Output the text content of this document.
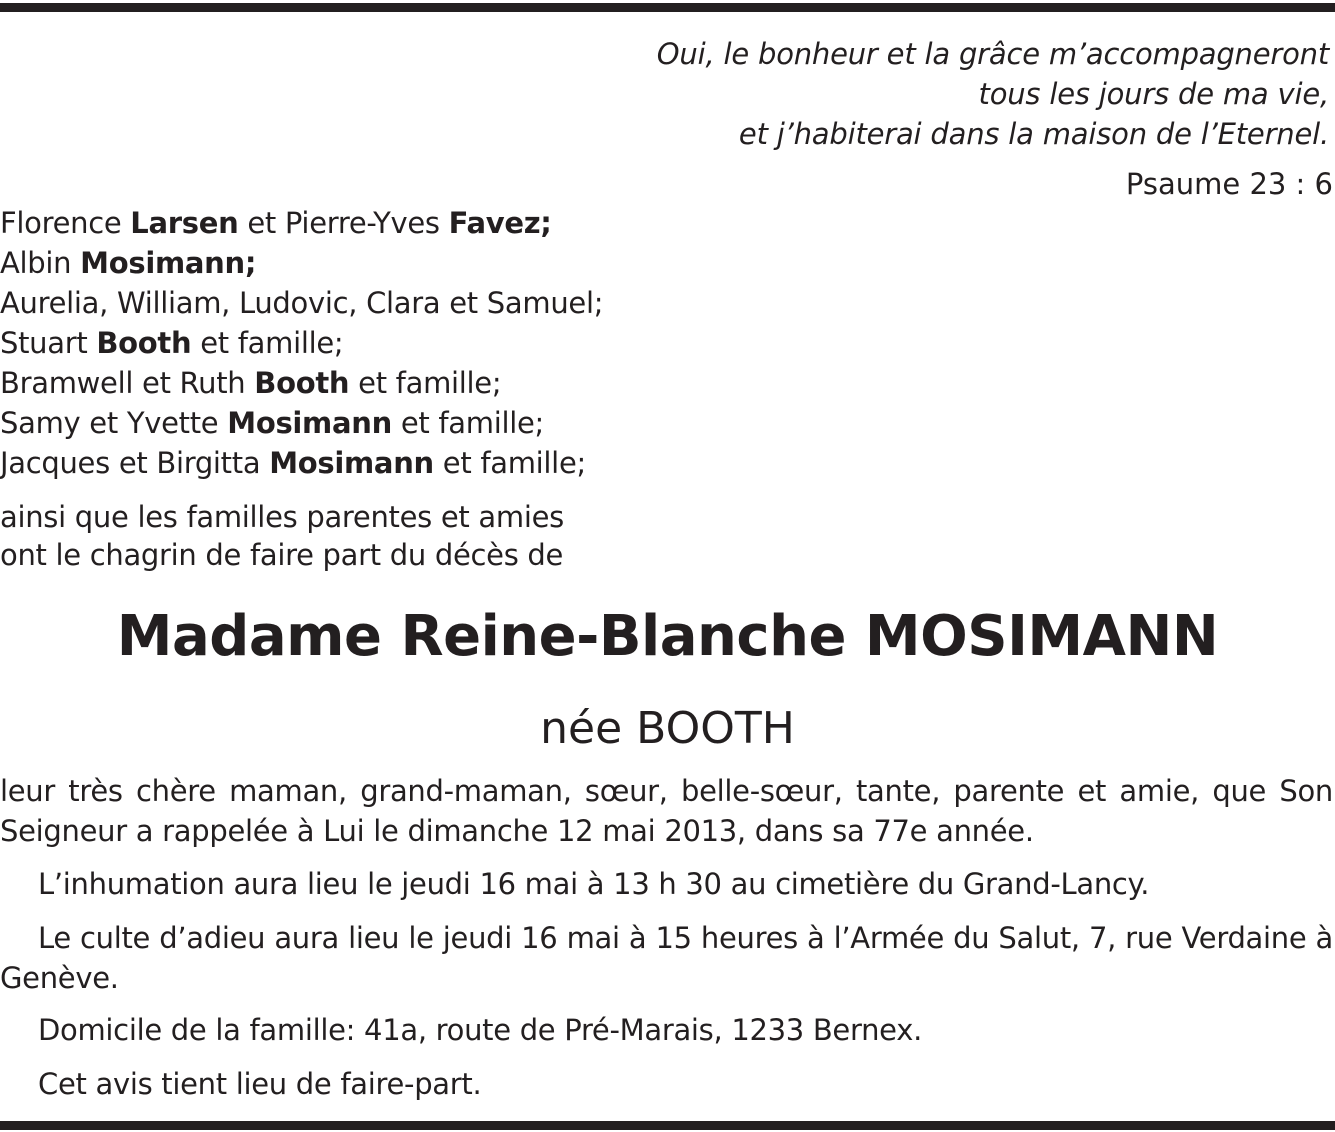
Oui, le bonheur et la grâce m’accompagneront
tous les jours de ma vie,
et j’habiterai dans la maison de l’Eternel.
Psaume 23 : 6
Florence Larsen et Pierre-Yves Favez;
Albin Mosimann;
Aurelia, William, Ludovic, Clara et Samuel;
Stuart Booth et famille;
Bramwell et Ruth Booth et famille;
Samy et Yvette Mosimann et famille;
Jacques et Birgitta Mosimann et famille;
ainsi que les familles parentes et amies
ont le chagrin de faire part du décès de
Madame Reine-Blanche MOSIMANN
née BOOTH
leur très chère maman, grand-maman, sœur, belle-sœur, tante, parente et amie, que Son Seigneur a rappelée à Lui le dimanche 12 mai 2013, dans sa 77e année.
L’inhumation aura lieu le jeudi 16 mai à 13 h 30 au cimetière du Grand-Lancy.
Le culte d’adieu aura lieu le jeudi 16 mai à 15 heures à l’Armée du Salut, 7, rue Verdaine à Genève.
Domicile de la famille: 41a, route de Pré-Marais, 1233 Bernex.
Cet avis tient lieu de faire-part.
